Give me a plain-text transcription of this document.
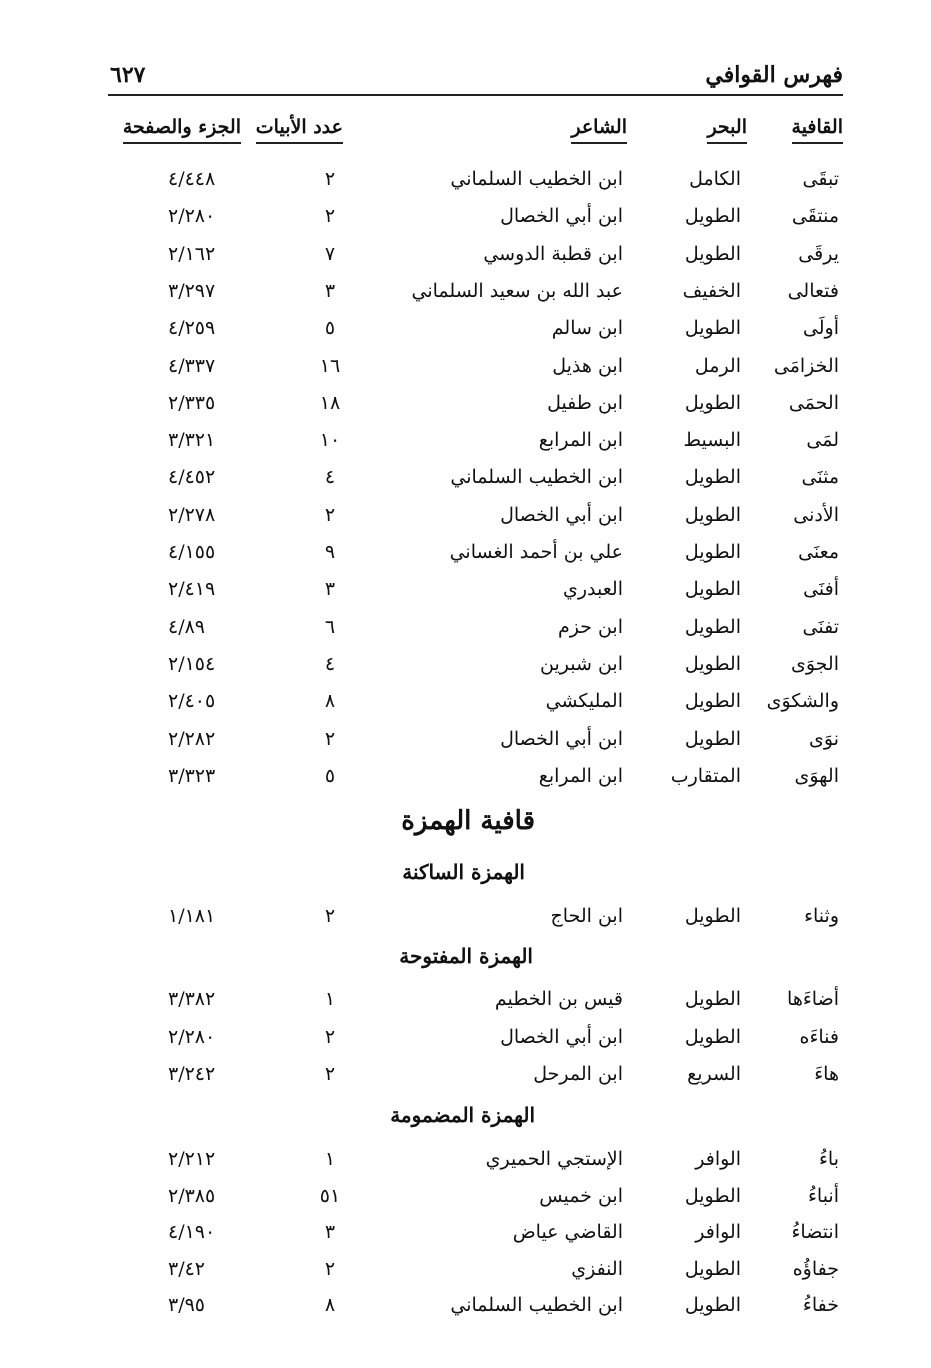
فهرس القوافي
٦٢٧
القافية
البحر
الشاعر
عدد الأبيات
الجزء والصفحة
تبقَى
الكامل
ابن الخطيب السلماني
٢
٤/٤٤٨
منتقَى
الطويل
ابن أبي الخصال
٢
٢/٢٨٠
يرقَى
الطويل
ابن قطبة الدوسي
٧
٢/١٦٢
فتعالى
الخفيف
عبد الله بن سعيد السلماني
٣
٣/٢٩٧
أولَى
الطويل
ابن سالم
٥
٤/٢٥٩
الخزامَى
الرمل
ابن هذيل
١٦
٤/٣٣٧
الحمَى
الطويل
ابن طفيل
١٨
٢/٣٣٥
لمَى
البسيط
ابن المرابع
١٠
٣/٣٢١
مثنَى
الطويل
ابن الخطيب السلماني
٤
٤/٤٥٢
الأدنى
الطويل
ابن أبي الخصال
٢
٢/٢٧٨
معنَى
الطويل
علي بن أحمد الغساني
٩
٤/١٥٥
أفنَى
الطويل
العبدري
٣
٢/٤١٩
تفنَى
الطويل
ابن حزم
٦
٤/٨٩
الجوَى
الطويل
ابن شبرين
٤
٢/١٥٤
والشكوَى
الطويل
المليكشي
٨
٢/٤٠٥
نوَى
الطويل
ابن أبي الخصال
٢
٢/٢٨٢
الهوَى
المتقارب
ابن المرابع
٥
٣/٣٢٣
قافية الهمزة
الهمزة الساكنة
وثناء
الطويل
ابن الحاج
٢
١/١٨١
الهمزة المفتوحة
أضاءَها
الطويل
قيس بن الخطيم
١
٣/٣٨٢
فناءَه
الطويل
ابن أبي الخصال
٢
٢/٢٨٠
هاءَ
السريع
ابن المرحل
٢
٣/٢٤٢
الهمزة المضمومة
باءُ
الوافر
الإستجي الحميري
١
٢/٢١٢
أنباءُ
الطويل
ابن خميس
٥١
٢/٣٨٥
انتضاءُ
الوافر
القاضي عياض
٣
٤/١٩٠
جفاؤُه
الطويل
النفزي
٢
٣/٤٢
خفاءُ
الطويل
ابن الخطيب السلماني
٨
٣/٩٥
